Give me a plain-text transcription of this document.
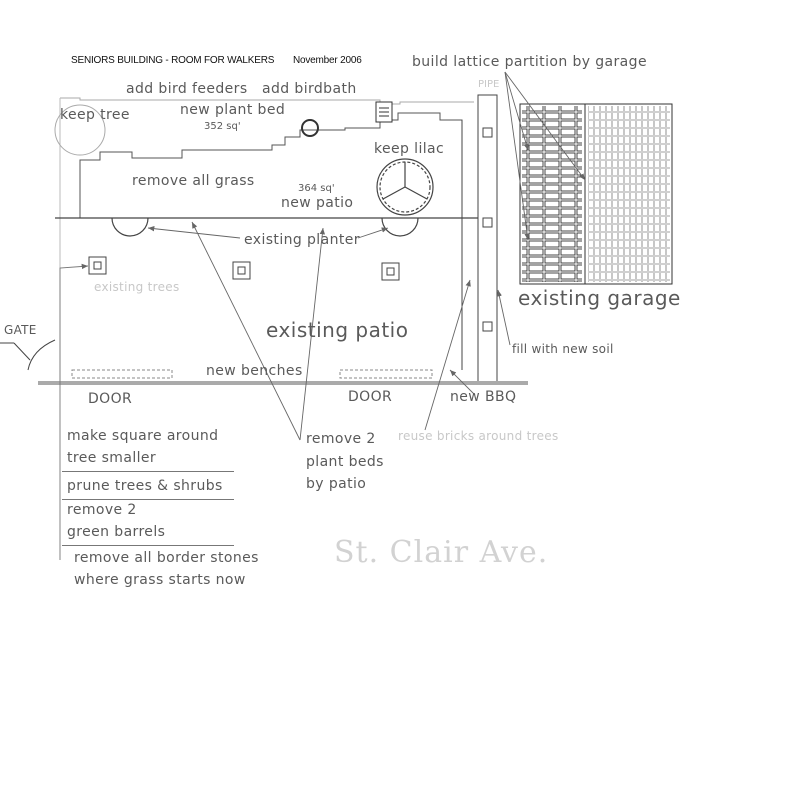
SENIORS BUILDING - ROOM FOR WALKERS November 2006
add bird feeders add birdbath
new plant bed
352 sq'
keep tree
keep lilac
remove all grass	364 sq'
new patio
existing planter
existing trees
existing patio
GATE
new benches
DOOR	DOOR	new BBQ
PIPE
build lattice partition by garage
existing garage
fill with new soil
reuse bricks around trees
remove 2
plant beds
by patio
make square around
tree smaller
prune trees & shrubs
remove 2
green barrels
remove all border stones
where grass starts now
St. Clair Ave.
